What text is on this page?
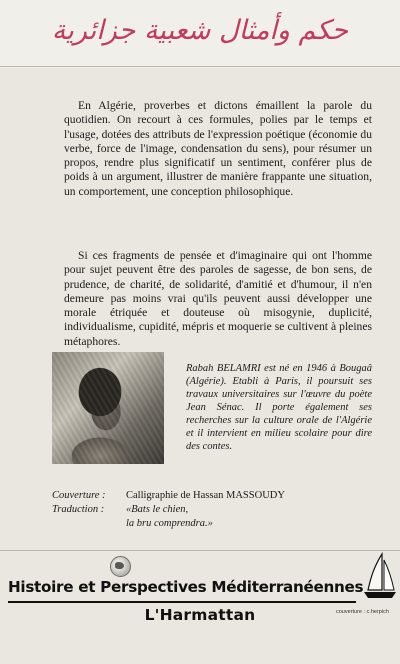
حكم وأمثال شعبية جزائرية

En Algérie, proverbes et dictons émaillent la parole du quotidien. On recourt à ces formules, polies par le temps et l'usage, dotées des attributs de l'expression poétique (économie du verbe, force de l'image, condensation du sens), pour résumer un propos, rendre plus significatif un sentiment, conférer plus de poids à un argument, illustrer de manière frappante une situation, un comportement, une conception philosophique.

Si ces fragments de pensée et d'imaginaire qui ont l'homme pour sujet peuvent être des paroles de sagesse, de bon sens, de prudence, de charité, de solidarité, d'amitié et d'humour, il n'en demeure pas moins vrai qu'ils peuvent aussi développer une morale étriquée et douteuse où misogynie, duplicité, individualisme, cupidité, mépris et moquerie se cultivent à pleines métaphores.

Rabah BELAMRI est né en 1946 à Bougaâ (Algérie). Etabli à Paris, il poursuit ses travaux universitaires sur l'œuvre du poète Jean Sénac. Il porte également ses recherches sur la culture orale de l'Algérie et il intervient en milieu scolaire pour dire des contes.

Couverture :	Calligraphie de Hassan MASSOUDY
Traduction :	«Bats le chien,
la bru comprendra.»
Histoire et Perspectives Méditerranéennes
L'Harmattan	couverture : c.herpich
